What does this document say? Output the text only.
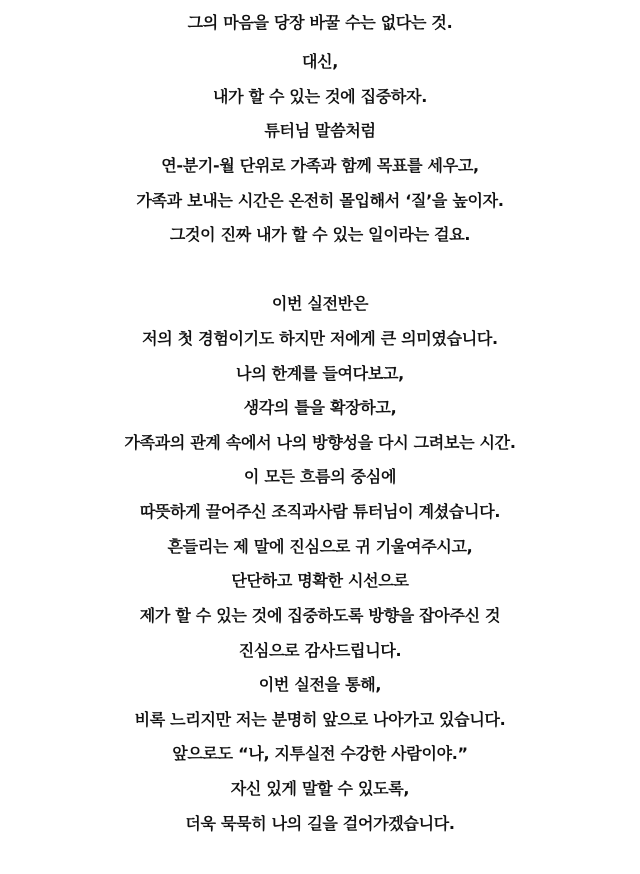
그의 마음을 당장 바꿀 수는 없다는 것.
대신,
내가 할 수 있는 것에 집중하자.
튜터님 말씀처럼
연-분기-월 단위로 가족과 함께 목표를 세우고,
가족과 보내는 시간은 온전히 몰입해서 ‘질’을 높이자.
그것이 진짜 내가 할 수 있는 일이라는 걸요.
이번 실전반은
저의 첫 경험이기도 하지만 저에게 큰 의미였습니다.
나의 한계를 들여다보고,
생각의 틀을 확장하고,
가족과의 관계 속에서 나의 방향성을 다시 그려보는 시간.
이 모든 흐름의 중심에
따뜻하게 끌어주신 조직과사람 튜터님이 계셨습니다.
흔들리는 제 말에 진심으로 귀 기울여주시고,
단단하고 명확한 시선으로
제가 할 수 있는 것에 집중하도록 방향을 잡아주신 것
진심으로 감사드립니다.
이번 실전을 통해,
비록 느리지만 저는 분명히 앞으로 나아가고 있습니다.
앞으로도 “나, 지투실전 수강한 사람이야.”
자신 있게 말할 수 있도록,
더욱 묵묵히 나의 길을 걸어가겠습니다.
